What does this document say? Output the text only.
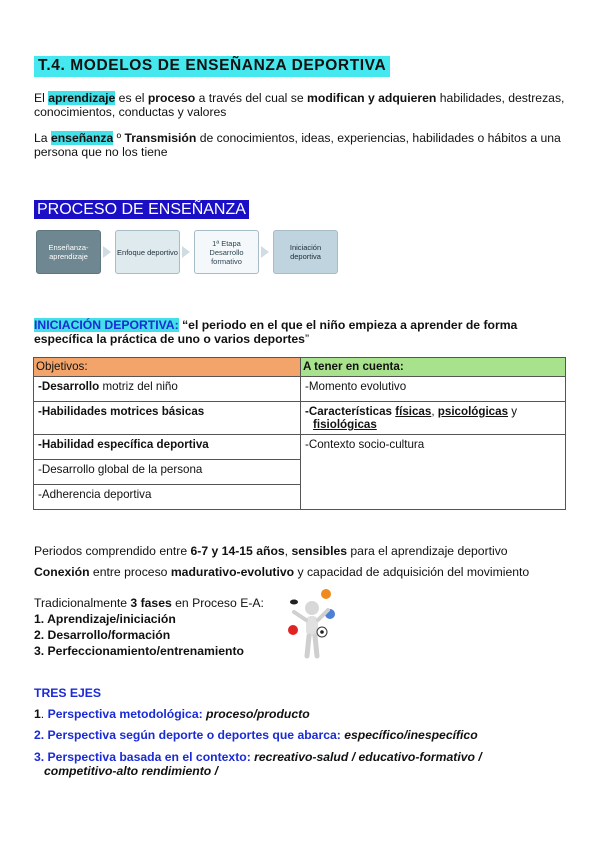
T.4. MODELOS DE ENSEÑANZA DEPORTIVA
El aprendizaje es el proceso a través del cual se modifican y adquieren habilidades, destrezas,
conocimientos, conductas y valores
La enseñanza º Transmisión de conocimientos, ideas, experiencias, habilidades o hábitos a una
persona que no los tiene
PROCESO DE ENSEÑANZA
Enseñanza-aprendizaje	Enfoque deportivo
1ª Etapa Desarrollo formativo
Iniciación deportiva
INICIACIÓN DEPORTIVA: “el periodo en el que el niño empieza a aprender de forma
específica la práctica de uno o varios deportes”
Objetivos:	A tener en cuenta:
-Desarrollo motriz del niño	-Momento evolutivo
-Habilidades motrices básicas	-Características físicas, psicológicas y
fisiológicas
-Habilidad específica deportiva	-Contexto socio-cultura
-Desarrollo global de la persona	
-Adherencia deportiva	
Periodos comprendido entre 6-7 y 14-15 años, sensibles para el aprendizaje deportivo
Conexión entre proceso madurativo-evolutivo y capacidad de adquisición del movimiento
Tradicionalmente 3 fases en Proceso E-A:
1. Aprendizaje/iniciación
2. Desarrollo/formación
3. Perfeccionamiento/entrenamiento
TRES EJES
1. Perspectiva metodológica: proceso/producto
2. Perspectiva según deporte o deportes que abarca: específico/inespecífico
3. Perspectiva basada en el contexto: recreativo-salud / educativo-formativo /
competitivo-alto rendimiento /
